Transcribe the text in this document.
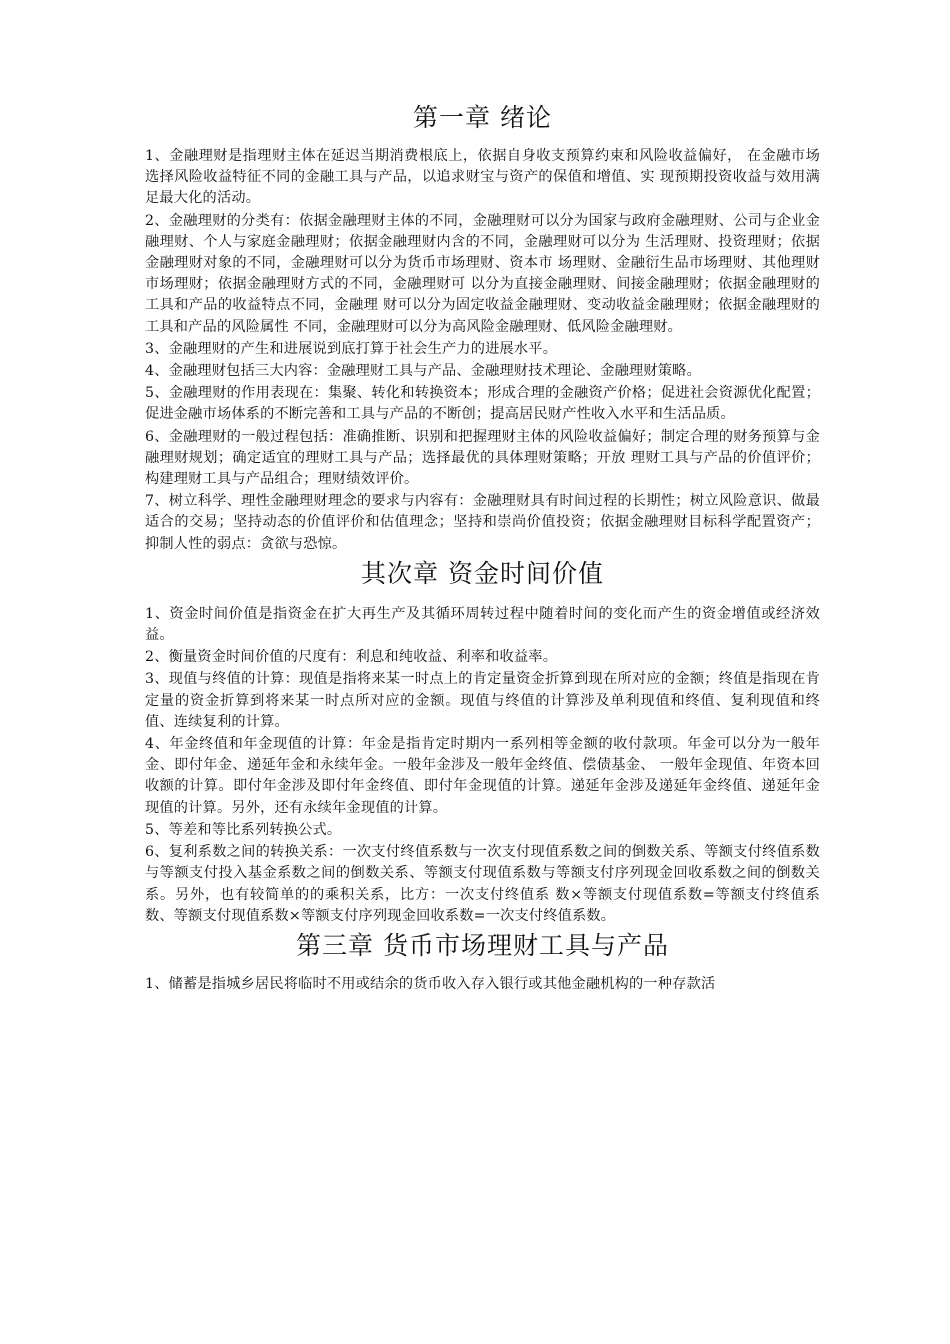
第一章 绪论

1、金融理财是指理财主体在延迟当期消费根底上，依据自身收支预算约束和风险收益偏好， 在金融市场选择风险收益特征不同的金融工具与产品，以追求财宝与资产的保值和增值、实 现预期投资收益与效用满足最大化的活动。

2、金融理财的分类有：依据金融理财主体的不同，金融理财可以分为国家与政府金融理财、公司与企业金融理财、个人与家庭金融理财；依据金融理财内含的不同，金融理财可以分为 生活理财、投资理财；依据金融理财对象的不同，金融理财可以分为货币市场理财、资本市 场理财、金融衍生品市场理财、其他理财市场理财；依据金融理财方式的不同，金融理财可 以分为直接金融理财、间接金融理财；依据金融理财的工具和产品的收益特点不同，金融理 财可以分为固定收益金融理财、变动收益金融理财；依据金融理财的工具和产品的风险属性 不同，金融理财可以分为高风险金融理财、低风险金融理财。

3、金融理财的产生和进展说到底打算于社会生产力的进展水平。

4、金融理财包括三大内容：金融理财工具与产品、金融理财技术理论、金融理财策略。

5、金融理财的作用表现在：集聚、转化和转换资本；形成合理的金融资产价格；促进社会资源优化配置；促进金融市场体系的不断完善和工具与产品的不断创；提高居民财产性收入水平和生活品质。

6、金融理财的一般过程包括：准确推断、识别和把握理财主体的风险收益偏好；制定合理的财务预算与金融理财规划；确定适宜的理财工具与产品；选择最优的具体理财策略；开放 理财工具与产品的价值评价；构建理财工具与产品组合；理财绩效评价。

7、树立科学、理性金融理财理念的要求与内容有：金融理财具有时间过程的长期性；树立风险意识、做最适合的交易；坚持动态的价值评价和估值理念；坚持和崇尚价值投资；依据金融理财目标科学配置资产；抑制人性的弱点：贪欲与恐惊。

其次章 资金时间价值

1、资金时间价值是指资金在扩大再生产及其循环周转过程中随着时间的变化而产生的资金增值或经济效益。

2、衡量资金时间价值的尺度有：利息和纯收益、利率和收益率。

3、现值与终值的计算：现值是指将来某一时点上的肯定量资金折算到现在所对应的金额；终值是指现在肯定量的资金折算到将来某一时点所对应的金额。现值与终值的计算涉及单利现值和终值、复利现值和终值、连续复利的计算。

4、年金终值和年金现值的计算：年金是指肯定时期内一系列相等金额的收付款项。年金可以分为一般年金、即付年金、递延年金和永续年金。一般年金涉及一般年金终值、偿债基金、 一般年金现值、年资本回收额的计算。即付年金涉及即付年金终值、即付年金现值的计算。递延年金涉及递延年金终值、递延年金现值的计算。另外，还有永续年金现值的计算。

5、等差和等比系列转换公式。

6、复利系数之间的转换关系：一次支付终值系数与一次支付现值系数之间的倒数关系、等额支付终值系数与等额支付投入基金系数之间的倒数关系、等额支付现值系数与等额支付序列现金回收系数之间的倒数关系。另外，也有较简单的的乘积关系，比方：一次支付终值系 数×等额支付现值系数=等额支付终值系数、等额支付现值系数×等额支付序列现金回收系数=一次支付终值系数。

第三章 货币市场理财工具与产品

1、储蓄是指城乡居民将临时不用或结余的货币收入存入银行或其他金融机构的一种存款活
